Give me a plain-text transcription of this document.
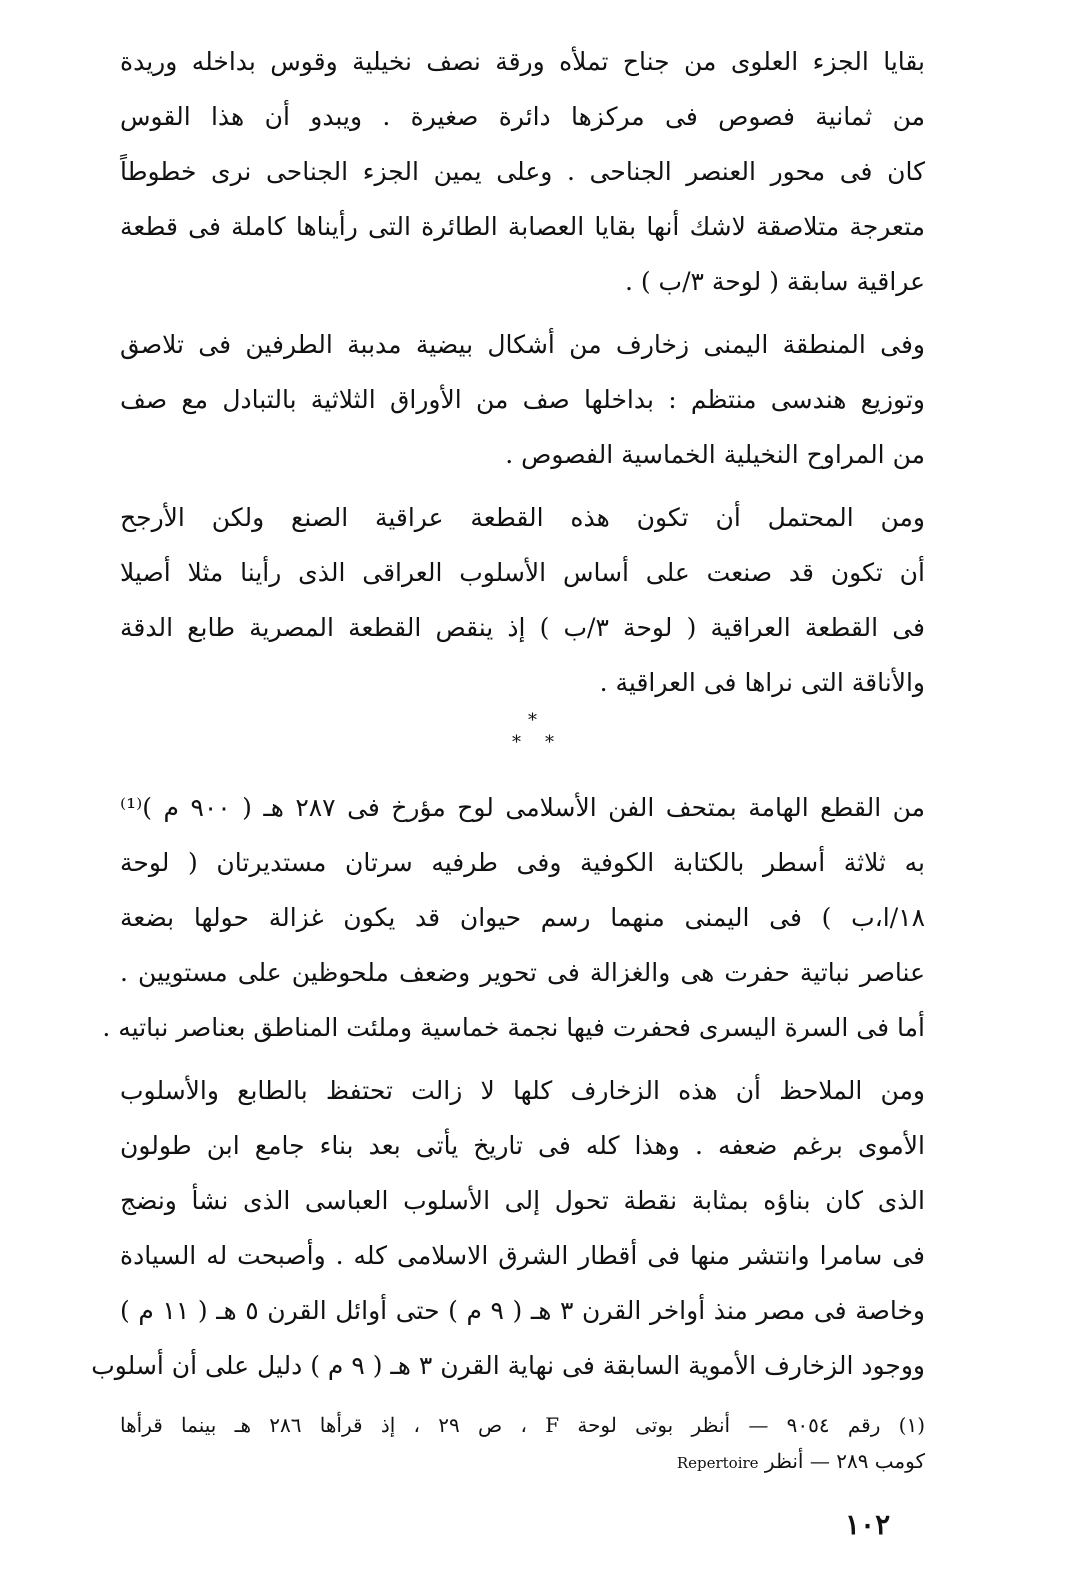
بقايا الجزء العلوى من جناح تملأه ورقة نصف نخيلية وقوس بداخله وريدة
من ثمانية فصوص فى مركزها دائرة صغيرة . ويبدو أن هذا القوس
كان فى محور العنصر الجناحى . وعلى يمين الجزء الجناحى نرى خطوطاً
متعرجة متلاصقة لاشك أنها بقايا العصابة الطائرة التى رأيناها كاملة فى قطعة
عراقية سابقة ( لوحة ٣/ب ) .
وفى المنطقة اليمنى زخارف من أشكال بيضية مدببة الطرفين فى تلاصق
وتوزيع هندسى منتظم : بداخلها صف من الأوراق الثلاثية بالتبادل مع صف
من المراوح النخيلية الخماسية الفصوص .
ومن المحتمل أن تكون هذه القطعة عراقية الصنع ولكن الأرجح
أن تكون قد صنعت على أساس الأسلوب العراقى الذى رأينا مثلا أصيلا
فى القطعة العراقية ( لوحة ٣/ب ) إذ ينقص القطعة المصرية طابع الدقة
والأناقة التى نراها فى العراقية .
*
* *
من القطع الهامة بمتحف الفن الأسلامى لوح مؤرخ فى ٢٨٧ هـ ( ٩٠٠ م )⁽¹⁾
به ثلاثة أسطر بالكتابة الكوفية وفى طرفيه سرتان مستديرتان ( لوحة
١٨/ا،ب ) فى اليمنى منهما رسم حيوان قد يكون غزالة حولها بضعة
عناصر نباتية حفرت هى والغزالة فى تحوير وضعف ملحوظين على مستويين .
أما فى السرة اليسرى فحفرت فيها نجمة خماسية وملئت المناطق بعناصر نباتيه .
ومن الملاحظ أن هذه الزخارف كلها لا زالت تحتفظ بالطابع والأسلوب
الأموى برغم ضعفه . وهذا كله فى تاريخ يأتى بعد بناء جامع ابن طولون
الذى كان بناؤه بمثابة نقطة تحول إلى الأسلوب العباسى الذى نشأ ونضج
فى سامرا وانتشر منها فى أقطار الشرق الاسلامى كله . وأصبحت له السيادة
وخاصة فى مصر منذ أواخر القرن ٣ هـ ( ٩ م ) حتى أوائل القرن ٥ هـ ( ١١ م )
ووجود الزخارف الأموية السابقة فى نهاية القرن ٣ هـ ( ٩ م ) دليل على أن أسلوب
(١) رقم ٩٠٥٤ — أنظر بوتى لوحة F ، ص ٢٩ ، إذ قرأها ٢٨٦ هـ بينما قرأها
كومب ٢٨٩ — أنظر Repertoire
١٠٢
